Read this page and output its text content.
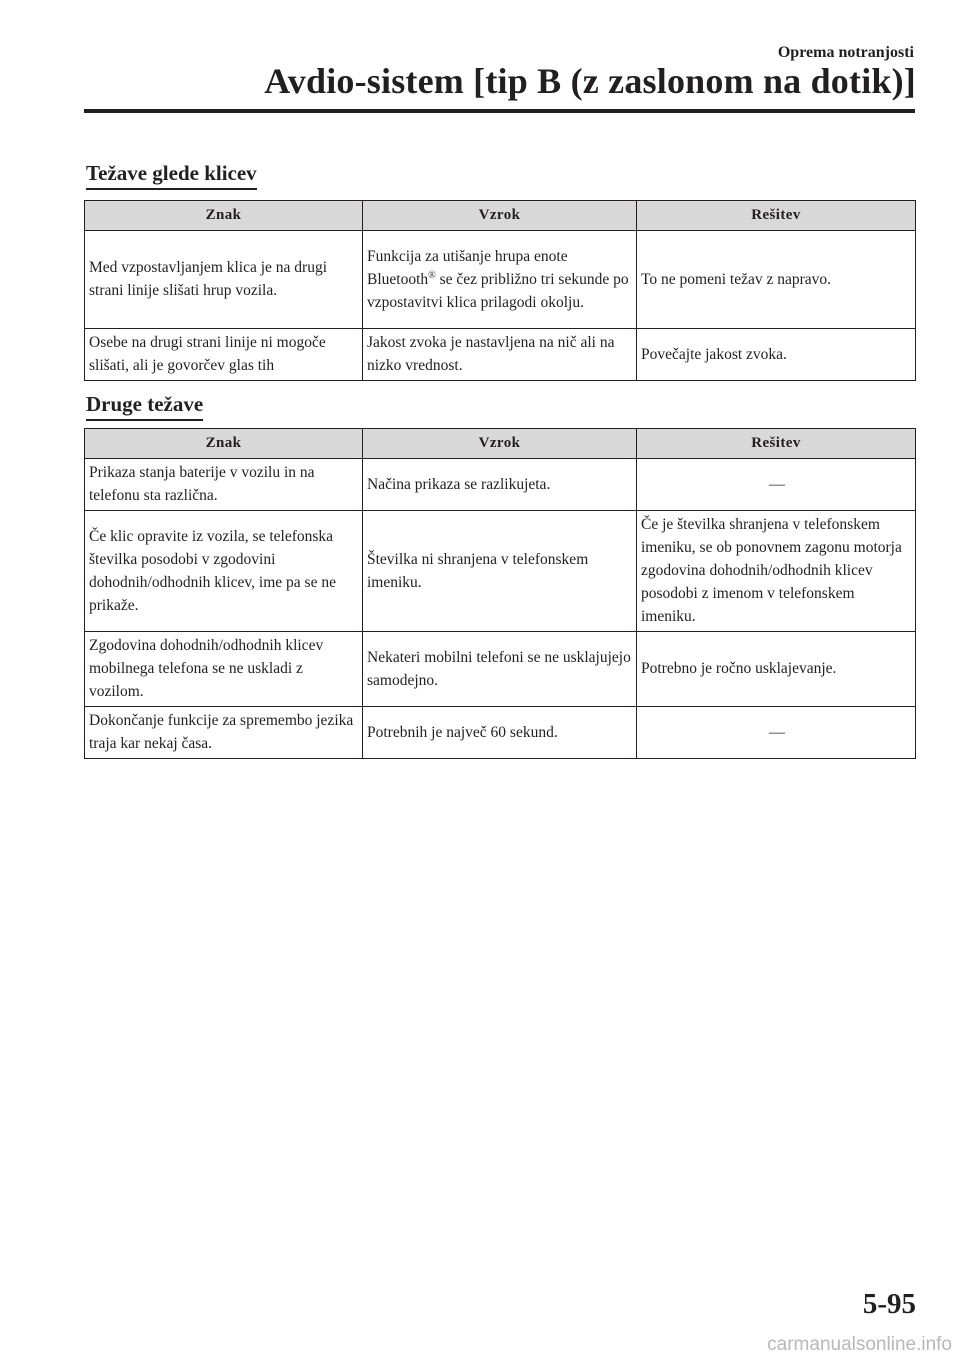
Oprema notranjosti
Avdio-sistem [tip B (z zaslonom na dotik)]
Težave glede klicev
Znak	Vzrok	Rešitev
Med vzpostavljanjem klica je na drugi strani linije slišati hrup vozila.	Funkcija za utišanje hrupa enote Bluetooth® se čez približno tri sekunde po vzpostavitvi klica prilagodi okolju.	To ne pomeni težav z napravo.
Osebe na drugi strani linije ni mogoče slišati, ali je govorčev glas tih	Jakost zvoka je nastavljena na nič ali na nizko vrednost.	Povečajte jakost zvoka.
Druge težave
Znak	Vzrok	Rešitev
Prikaza stanja baterije v vozilu in na telefonu sta različna.	Načina prikaza se razlikujeta.	—
Če klic opravite iz vozila, se telefonska številka posodobi v zgodovini dohodnih/odhodnih klicev, ime pa se ne prikaže.	Številka ni shranjena v telefonskem imeniku.	Če je številka shranjena v telefonskem imeniku, se ob ponovnem zagonu motorja zgodovina dohodnih/odhodnih klicev posodobi z imenom v telefonskem imeniku.
Zgodovina dohodnih/odhodnih klicev mobilnega telefona se ne uskladi z vozilom.	Nekateri mobilni telefoni se ne usklajujejo samodejno.	Potrebno je ročno usklajevanje.
Dokončanje funkcije za spremembo jezika traja kar nekaj časa.	Potrebnih je največ 60 sekund.	—
5-95
carmanualsonline.info
